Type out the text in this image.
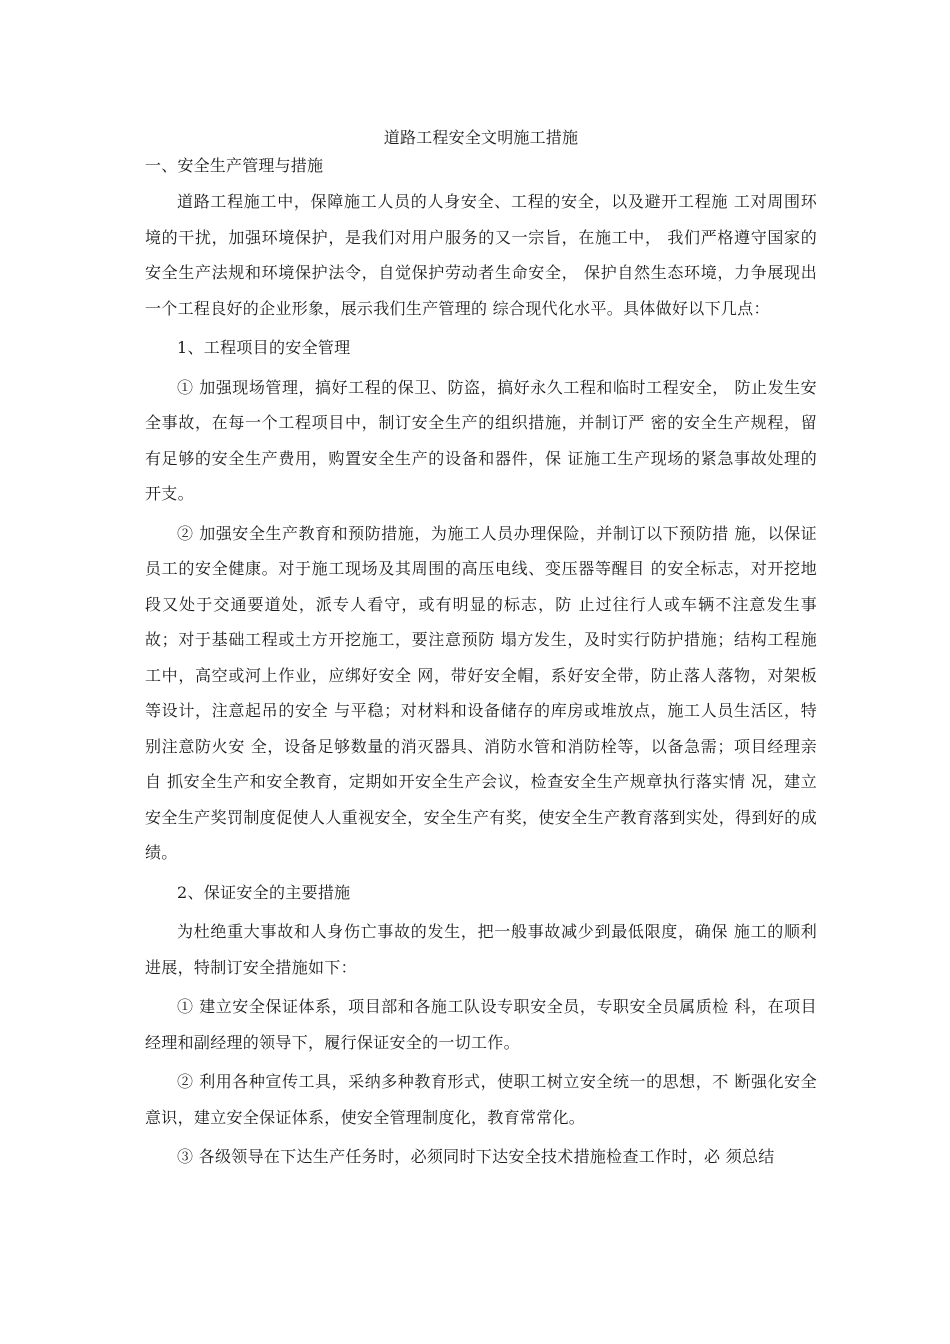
道路工程安全文明施工措施
一、安全生产管理与措施

道路工程施工中，保障施工人员的人身安全、工程的安全，以及避开工程施 工对周围环境的干扰，加强环境保护，是我们对用户服务的又一宗旨，在施工中， 我们严格遵守国家的安全生产法规和环境保护法令，自觉保护劳动者生命安全， 保护自然生态环境，力争展现出一个工程良好的企业形象，展示我们生产管理的 综合现代化水平。具体做好以下几点：

1、工程项目的安全管理

① 加强现场管理，搞好工程的保卫、防盗，搞好永久工程和临时工程安全， 防止发生安全事故，在每一个工程项目中，制订安全生产的组织措施，并制订严 密的安全生产规程，留有足够的安全生产费用，购置安全生产的设备和器件，保 证施工生产现场的紧急事故处理的开支。

② 加强安全生产教育和预防措施，为施工人员办理保险，并制订以下预防措 施，以保证员工的安全健康。对于施工现场及其周围的高压电线、变压器等醒目 的安全标志，对开挖地段又处于交通要道处，派专人看守，或有明显的标志，防 止过往行人或车辆不注意发生事故；对于基础工程或土方开挖施工，要注意预防 塌方发生，及时实行防护措施；结构工程施工中，高空或河上作业，应绑好安全 网，带好安全帽，系好安全带，防止落人落物，对架板等设计，注意起吊的安全 与平稳；对材料和设备储存的库房或堆放点，施工人员生活区，特别注意防火安 全，设备足够数量的消灭器具、消防水管和消防栓等，以备急需；项目经理亲自 抓安全生产和安全教育，定期如开安全生产会议，检查安全生产规章执行落实情 况，建立安全生产奖罚制度促使人人重视安全，安全生产有奖，使安全生产教育落到实处，得到好的成绩。

2、保证安全的主要措施

为杜绝重大事故和人身伤亡事故的发生，把一般事故减少到最低限度，确保 施工的顺利进展，特制订安全措施如下：

① 建立安全保证体系，项目部和各施工队设专职安全员，专职安全员属质检 科，在项目经理和副经理的领导下，履行保证安全的一切工作。

② 利用各种宣传工具，采纳多种教育形式，使职工树立安全统一的思想，不 断强化安全意识，建立安全保证体系，使安全管理制度化，教育常常化。

③ 各级领导在下达生产任务时，必须同时下达安全技术措施检查工作时，必 须总结
